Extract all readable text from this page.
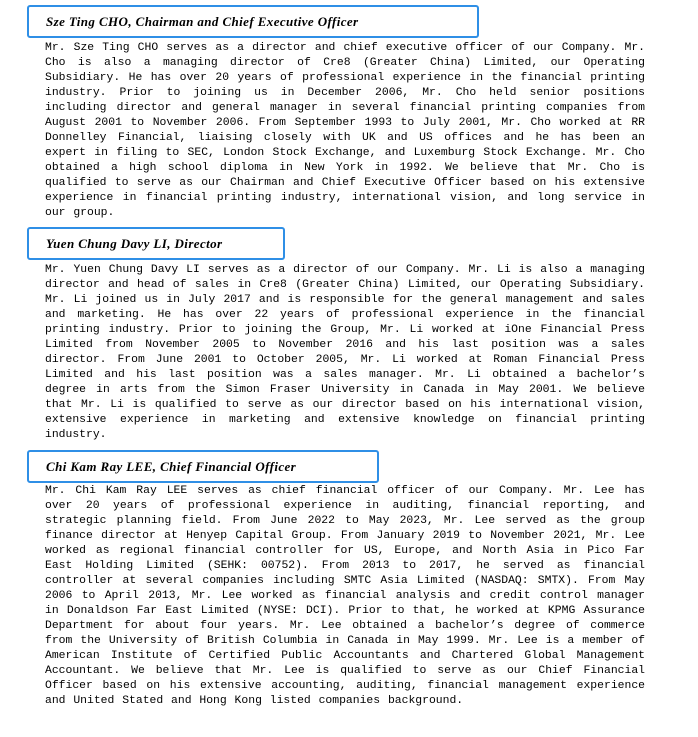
Sze Ting CHO, Chairman and Chief Executive Officer

Mr. Sze Ting CHO serves as a director and chief executive officer of our Company. Mr. Cho is also a managing director of Cre8 (Greater China) Limited, our Operating Subsidiary. He has over 20 years of professional experience in the financial printing industry. Prior to joining us in December 2006, Mr. Cho held senior positions including director and general manager in several financial printing companies from August 2001 to November 2006. From September 1993 to July 2001, Mr. Cho worked at RR Donnelley Financial, liaising closely with UK and US offices and he has been an expert in filing to SEC, London Stock Exchange, and Luxemburg Stock Exchange. Mr. Cho obtained a high school diploma in New York in 1992. We believe that Mr. Cho is qualified to serve as our Chairman and Chief Executive Officer based on his extensive experience in financial printing industry, international vision, and long service in our group.

Yuen Chung Davy LI, Director

Mr. Yuen Chung Davy LI serves as a director of our Company. Mr. Li is also a managing director and head of sales in Cre8 (Greater China) Limited, our Operating Subsidiary. Mr. Li joined us in July 2017 and is responsible for the general management and sales and marketing. He has over 22 years of professional experience in the financial printing industry. Prior to joining the Group, Mr. Li worked at iOne Financial Press Limited from November 2005 to November 2016 and his last position was a sales director. From June 2001 to October 2005, Mr. Li worked at Roman Financial Press Limited and his last position was a sales manager. Mr. Li obtained a bachelor’s degree in arts from the Simon Fraser University in Canada in May 2001. We believe that Mr. Li is qualified to serve as our director based on his international vision, extensive experience in marketing and extensive knowledge on financial printing industry.

Chi Kam Ray LEE, Chief Financial Officer

Mr. Chi Kam Ray LEE serves as chief financial officer of our Company. Mr. Lee has over 20 years of professional experience in auditing, financial reporting, and strategic planning field. From June 2022 to May 2023, Mr. Lee served as the group finance director at Henyep Capital Group. From January 2019 to November 2021, Mr. Lee worked as regional financial controller for US, Europe, and North Asia in Pico Far East Holding Limited (SEHK: 00752). From 2013 to 2017, he served as financial controller at several companies including SMTC Asia Limited (NASDAQ: SMTX). From May 2006 to April 2013, Mr. Lee worked as financial analysis and credit control manager in Donaldson Far East Limited (NYSE: DCI). Prior to that, he worked at KPMG Assurance Department for about four years. Mr. Lee obtained a bachelor’s degree of commerce from the University of British Columbia in Canada in May 1999. Mr. Lee is a member of American Institute of Certified Public Accountants and Chartered Global Management Accountant. We believe that Mr. Lee is qualified to serve as our Chief Financial Officer based on his extensive accounting, auditing, financial management experience and United Stated and Hong Kong listed companies background.
